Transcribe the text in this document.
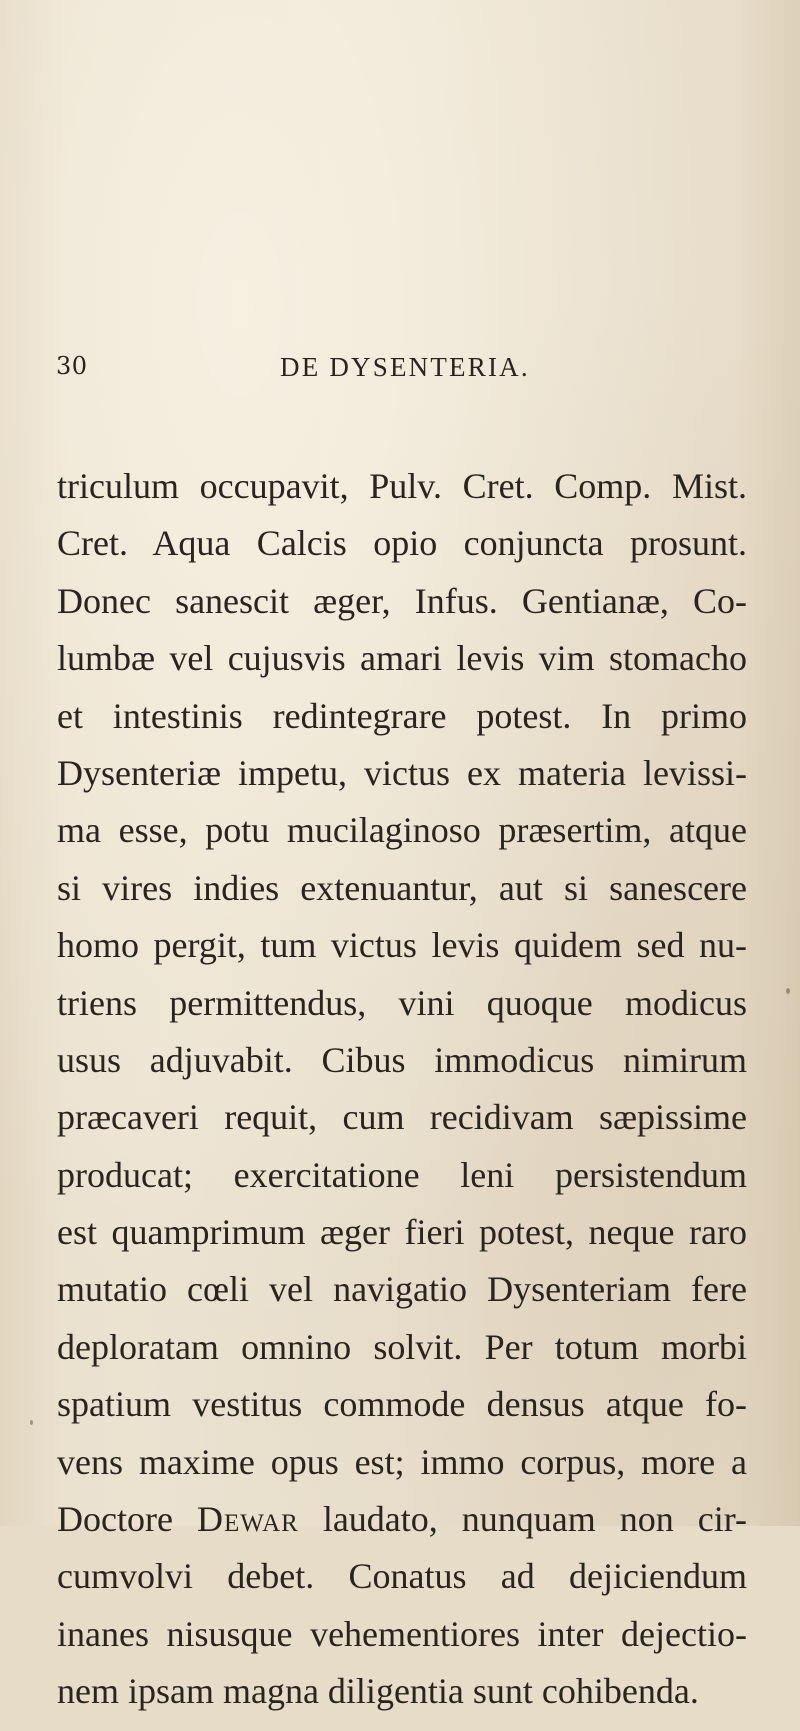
30	DE DYSENTERIA.
triculum occupavit, Pulv. Cret. Comp. Mist.
Cret. Aqua Calcis opio conjuncta prosunt.
Donec sanescit æger, Infus. Gentianæ, Co-
lumbæ vel cujusvis amari levis vim stomacho
et intestinis redintegrare potest. In primo
Dysenteriæ impetu, victus ex materia levissi-
ma esse, potu mucilaginoso præsertim, atque
si vires indies extenuantur, aut si sanescere
homo pergit, tum victus levis quidem sed nu-
triens permittendus, vini quoque modicus
usus adjuvabit. Cibus immodicus nimirum
præcaveri requit, cum recidivam sæpissime
producat; exercitatione leni persistendum
est quamprimum æger fieri potest, neque raro
mutatio cœli vel navigatio Dysenteriam fere
deploratam omnino solvit. Per totum morbi
spatium vestitus commode densus atque fo-
vens maxime opus est; immo corpus, more a
Doctore Dewar laudato, nunquam non cir-
cumvolvi debet. Conatus ad dejiciendum
inanes nisusque vehementiores inter dejectio-
nem ipsam magna diligentia sunt cohibenda.
